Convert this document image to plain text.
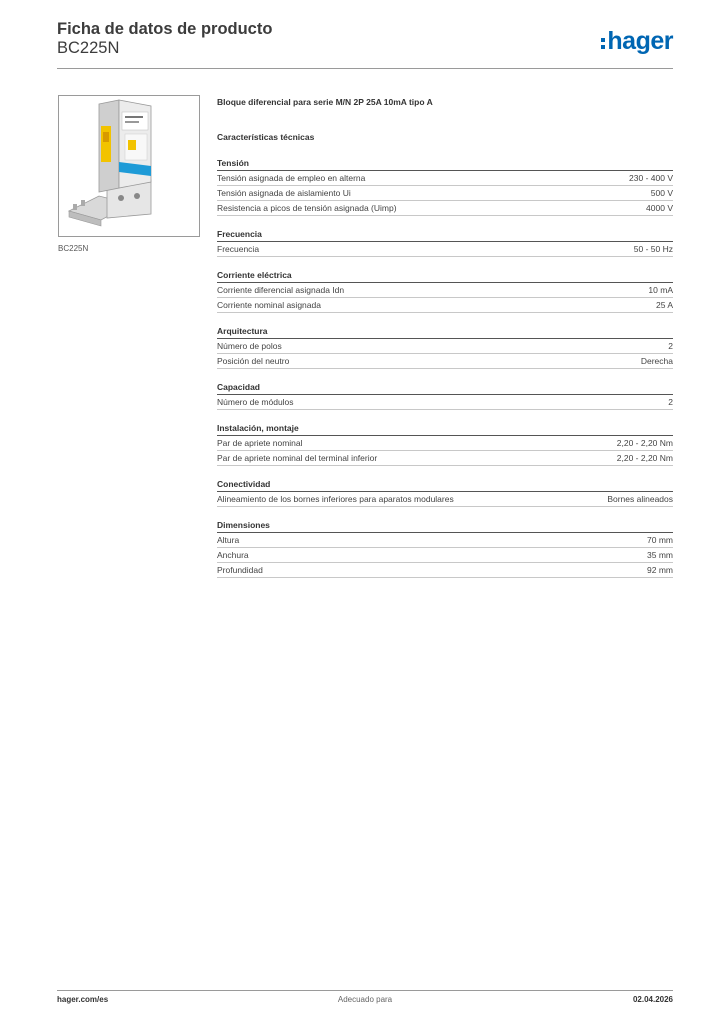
Ficha de datos de producto
BC225N	hager
BC225N
Bloque diferencial para serie M/N 2P 25A 10mA tipo A
Características técnicas
Tensión
Tensión asignada de empleo en alterna	230 - 400 V
Tensión asignada de aislamiento Ui	500 V
Resistencia a picos de tensión asignada (Uimp)	4000 V
Frecuencia
Frecuencia	50 - 50 Hz
Corriente eléctrica
Corriente diferencial asignada Idn	10 mA
Corriente nominal asignada	25 A
Arquitectura
Número de polos	2
Posición del neutro	Derecha
Capacidad
Número de módulos	2
Instalación, montaje
Par de apriete nominal	2,20 - 2,20 Nm
Par de apriete nominal del terminal inferior	2,20 - 2,20 Nm
Conectividad
Alineamiento de los bornes inferiores para aparatos modulares	Bornes alineados
Dimensiones
Altura	70 mm
Anchura	35 mm
Profundidad	92 mm
Adecuado para
hager.com/es	02.04.2026
